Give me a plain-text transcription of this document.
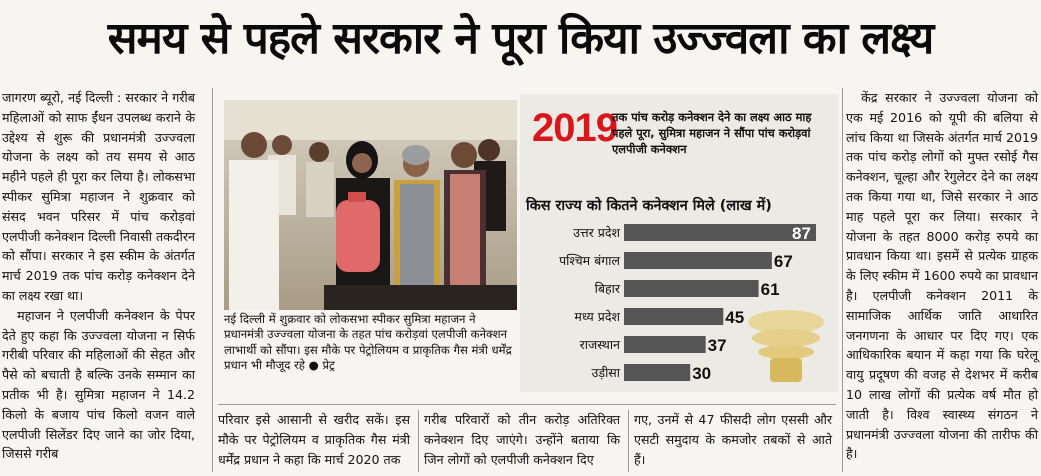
समय से पहले सरकार ने पूरा किया उज्ज्वला का लक्ष्य

जागरण ब्यूरो, नई दिल्ली : सरकार ने गरीब महिलाओं को साफ ईंधन उपलब्ध कराने के उद्देश्य से शुरू की प्रधानमंत्री उज्ज्वला योजना के लक्ष्य को तय समय से आठ महीने पहले ही पूरा कर लिया है। लोकसभा स्पीकर सुमित्रा महाजन ने शुक्रवार को संसद भवन परिसर में पांच करोड़वां एलपीजी कनेक्शन दिल्ली निवासी तकदीरन को सौंपा। सरकार ने इस स्कीम के अंतर्गत मार्च 2019 तक पांच करोड़ कनेक्शन देने का लक्ष्य रखा था।

महाजन ने एलपीजी कनेक्शन के पेपर देते हुए कहा कि उज्ज्वला योजना न सिर्फ गरीबी परिवार की महिलाओं की सेहत और पैसे को बचाती है बल्कि उनके सम्मान का प्रतीक भी है। सुमित्रा महाजन ने 14.2 किलो के बजाय पांच किलो वजन वाले एलपीजी सिलेंडर दिए जाने का जोर दिया, जिससे गरीब

नई दिल्ली में शुक्रवार को लोकसभा स्पीकर सुमित्रा महाजन ने प्रधानमंत्री उज्ज्वला योजना के तहत पांच करोड़वां एलपीजी कनेक्शन लाभार्थी को सौंपा। इस मौके पर पेट्रोलियम व प्राकृतिक गैस मंत्री धर्मेंद्र प्रधान भी मौजूद रहे ● प्रेट्र
2019
तक पांच करोड़ कनेक्शन देने का लक्ष्य आठ माह पहले पूरा, सुमित्रा महाजन ने सौंपा पांच करोड़वां एलपीजी कनेक्शन
किस राज्य को कितने कनेक्शन मिले (लाख में)
उत्तर प्रदेश	87
पश्चिम बंगाल	67
बिहार	61
मध्य प्रदेश	45
राजस्थान	37
उड़ीसा	30
परिवार इसे आसानी से खरीद सकें। इस मौके पर पेट्रोलियम व प्राकृतिक गैस मंत्री धर्मेंद्र प्रधान ने कहा कि मार्च 2020 तक
गरीब परिवारों को तीन करोड़ अतिरिक्त कनेक्शन दिए जाएंगे। उन्होंने बताया कि जिन लोगों को एलपीजी कनेक्शन दिए
गए, उनमें से 47 फीसदी लोग एससी और एसटी समुदाय के कमजोर तबकों से आते हैं।

केंद्र सरकार ने उज्ज्वला योजना को एक मई 2016 को यूपी की बलिया से लांच किया था जिसके अंतर्गत मार्च 2019 तक पांच करोड़ लोगों को मुफ्त रसोई गैस कनेक्शन, चूल्हा और रेगुलेटर देने का लक्ष्य तक किया गया था, जिसे सरकार ने आठ माह पहले पूरा कर लिया। सरकार ने योजना के तहत 8000 करोड़ रुपये का प्रावधान किया था। इसमें से प्रत्येक ग्राहक के लिए स्कीम में 1600 रुपये का प्रावधान है। एलपीजी कनेक्शन 2011 के सामाजिक आर्थिक जाति आधारित जनगणना के आधार पर दिए गए। एक आधिकारिक बयान में कहा गया कि घरेलू वायु प्रदूषण की वजह से देशभर में करीब 10 लाख लोगों की प्रत्येक वर्ष मौत हो जाती है। विश्व स्वास्थ्य संगठन ने प्रधानमंत्री उज्ज्वला योजना की तारीफ की है।
